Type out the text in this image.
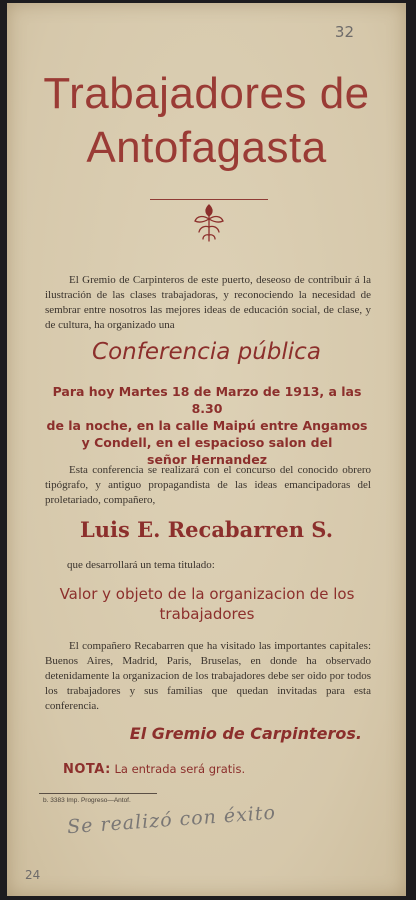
32
Trabajadores de
Antofagasta
El Gremio de Carpinteros de este puerto, deseoso de contribuir á la ilustración de las clases trabajadoras, y reconociendo la necesidad de sembrar entre nosotros las mejores ideas de educación social, de clase, y de cultura, ha organizado una
Conferencia pública
Para hoy Martes 18 de Marzo de 1913, a las 8.30
de la noche, en la calle Maipú entre Angamos
y Condell, en el espacioso salon del
señor Hernandez
Esta conferencia se realizará con el concurso del conocido obrero tipógrafo, y antiguo propagandista de las ideas emancipadoras del proletariado, compañero,
Luis E. Recabarren S.
que desarrollará un tema titulado:
Valor y objeto de la organizacion de los
trabajadores
El compañero Recabarren que ha visitado las importantes capitales: Buenos Aires, Madrid, Paris, Bruselas, en donde ha observado detenidamente la organizacion de los trabajadores debe ser oido por todos los trabajadores y sus familias que quedan invitadas para esta conferencia.
El Gremio de Carpinteros.
NOTA: La entrada será gratis.
b. 3383 Imp. Progreso—Antof.
Se realizó con éxito
24
